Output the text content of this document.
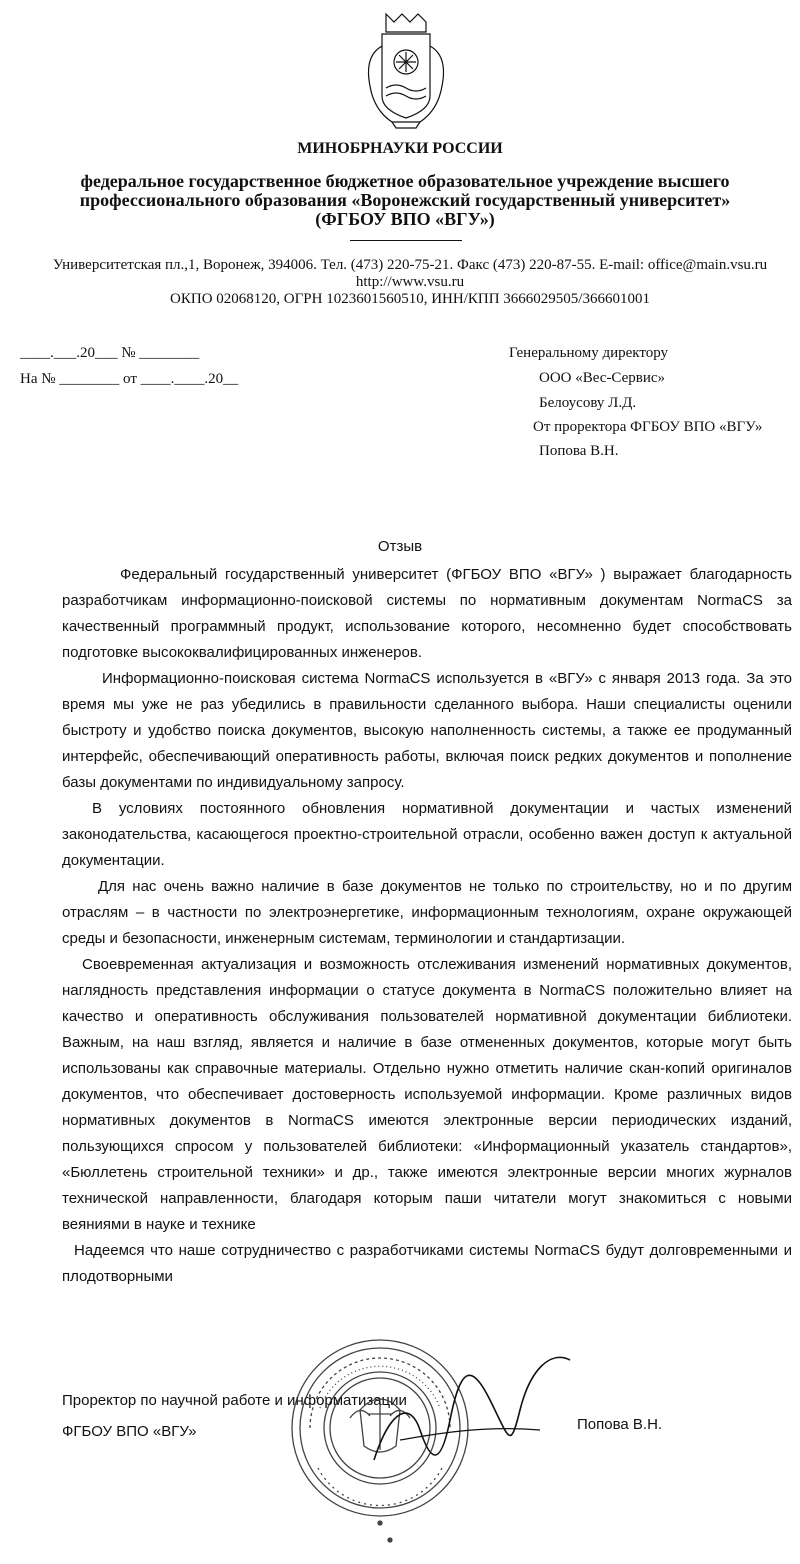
МИНОБРНАУКИ РОССИИ
федеральное государственное бюджетное образовательное учреждение высшего
профессионального образования «Воронежский государственный университет»
(ФГБОУ ВПО «ВГУ»)
Университетская пл.,1, Воронеж, 394006. Тел. (473) 220-75-21. Факс (473) 220-87-55. E-mail: office@main.vsu.ru
http://www.vsu.ru
ОКПО 02068120, ОГРН 1023601560510, ИНН/КПП 3666029505/366601001
____.___.20___ № ________
На № ________ от ____.____.20__
Генеральному директору
ООО «Вес-Сервис»
Белоусову Л.Д.
От проректора ФГБОУ ВПО «ВГУ»
Попова В.Н.
Отзыв

Федеральный государственный университет (ФГБОУ ВПО «ВГУ» ) выражает благодарность разработчикам информационно-поисковой системы по нормативным документам NormaCS за качественный программный продукт, использование которого, несомненно будет способствовать подготовке высококвалифицированных инженеров.

Информационно-поисковая система NormaCS используется в «ВГУ» с января 2013 года. За это время мы уже не раз убедились в правильности сделанного выбора. Наши специалисты оценили быстроту и удобство поиска документов, высокую наполненность системы, а также ее продуманный интерфейс, обеспечивающий оперативность работы, включая поиск редких документов и пополнение базы документами по индивидуальному запросу.

В условиях постоянного обновления нормативной документации и частых изменений законодательства, касающегося проектно-строительной отрасли, особенно важен доступ к актуальной документации.

Для нас очень важно наличие в базе документов не только по строительству, но и по другим отраслям – в частности по электроэнергетике, информационным технологиям, охране окружающей среды и безопасности, инженерным системам, терминологии и стандартизации.

Своевременная актуализация и возможность отслеживания изменений нормативных документов, наглядность представления информации о статусе документа в NormaCS положительно влияет на качество и оперативность обслуживания пользователей нормативной документации библиотеки. Важным, на наш взгляд, является и наличие в базе отмененных документов, которые могут быть использованы как справочные материалы. Отдельно нужно отметить наличие скан-копий оригиналов документов, что обеспечивает достоверность используемой информации. Кроме различных видов нормативных документов в NormaCS имеются электронные версии периодических изданий, пользующихся спросом у пользователей библиотеки: «Информационный указатель стандартов», «Бюллетень строительной техники» и др., также имеются электронные версии многих журналов технической направленности, благодаря которым паши читатели могут знакомиться с новыми веяниями в науке и технике

Надеемся что наше сотрудничество с разработчиками системы NormaCS будут долговременными и плодотворными

Проректор по научной работе и информатизации
ФГБОУ ВПО «ВГУ»	Попова В.Н.
